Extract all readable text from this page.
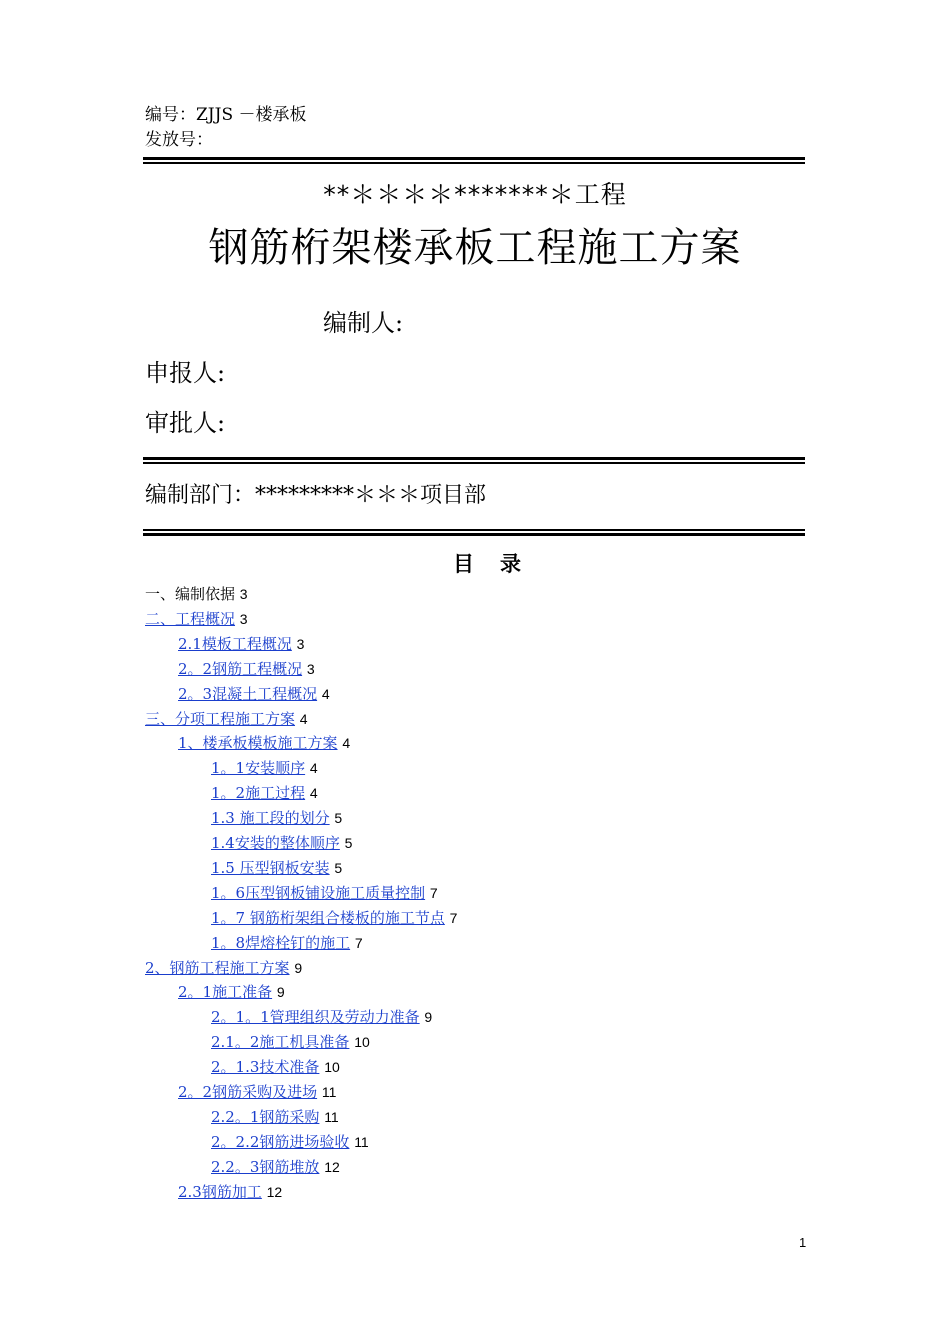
编号：ZJJS －楼承板
发放号：
**＊＊＊＊*******＊工程
钢筋桁架楼承板工程施工方案
编制人:
申报人:
审批人:
编制部门：*********＊＊＊项目部
目录
一、编制依据 3
二、工程概况 3
2.1模板工程概况 3
2。2钢筋工程概况 3
2。3混凝土工程概况 4
三、分项工程施工方案 4
1、楼承板模板施工方案 4
1。1安装顺序 4
1。2施工过程 4
1.3 施工段的划分 5
1.4安装的整体顺序 5
1.5 压型钢板安装 5
1。6压型钢板铺设施工质量控制 7
1。7 钢筋桁架组合楼板的施工节点 7
1。8焊熔栓钉的施工 7
2、钢筋工程施工方案 9
2。1施工准备 9
2。1。1管理组织及劳动力准备 9
2.1。2施工机具准备 10
2。1.3技术准备 10
2。2钢筋采购及进场 11
2.2。1钢筋采购 11
2。2.2钢筋进场验收 11
2.2。3钢筋堆放 12
2.3钢筋加工 12
1
